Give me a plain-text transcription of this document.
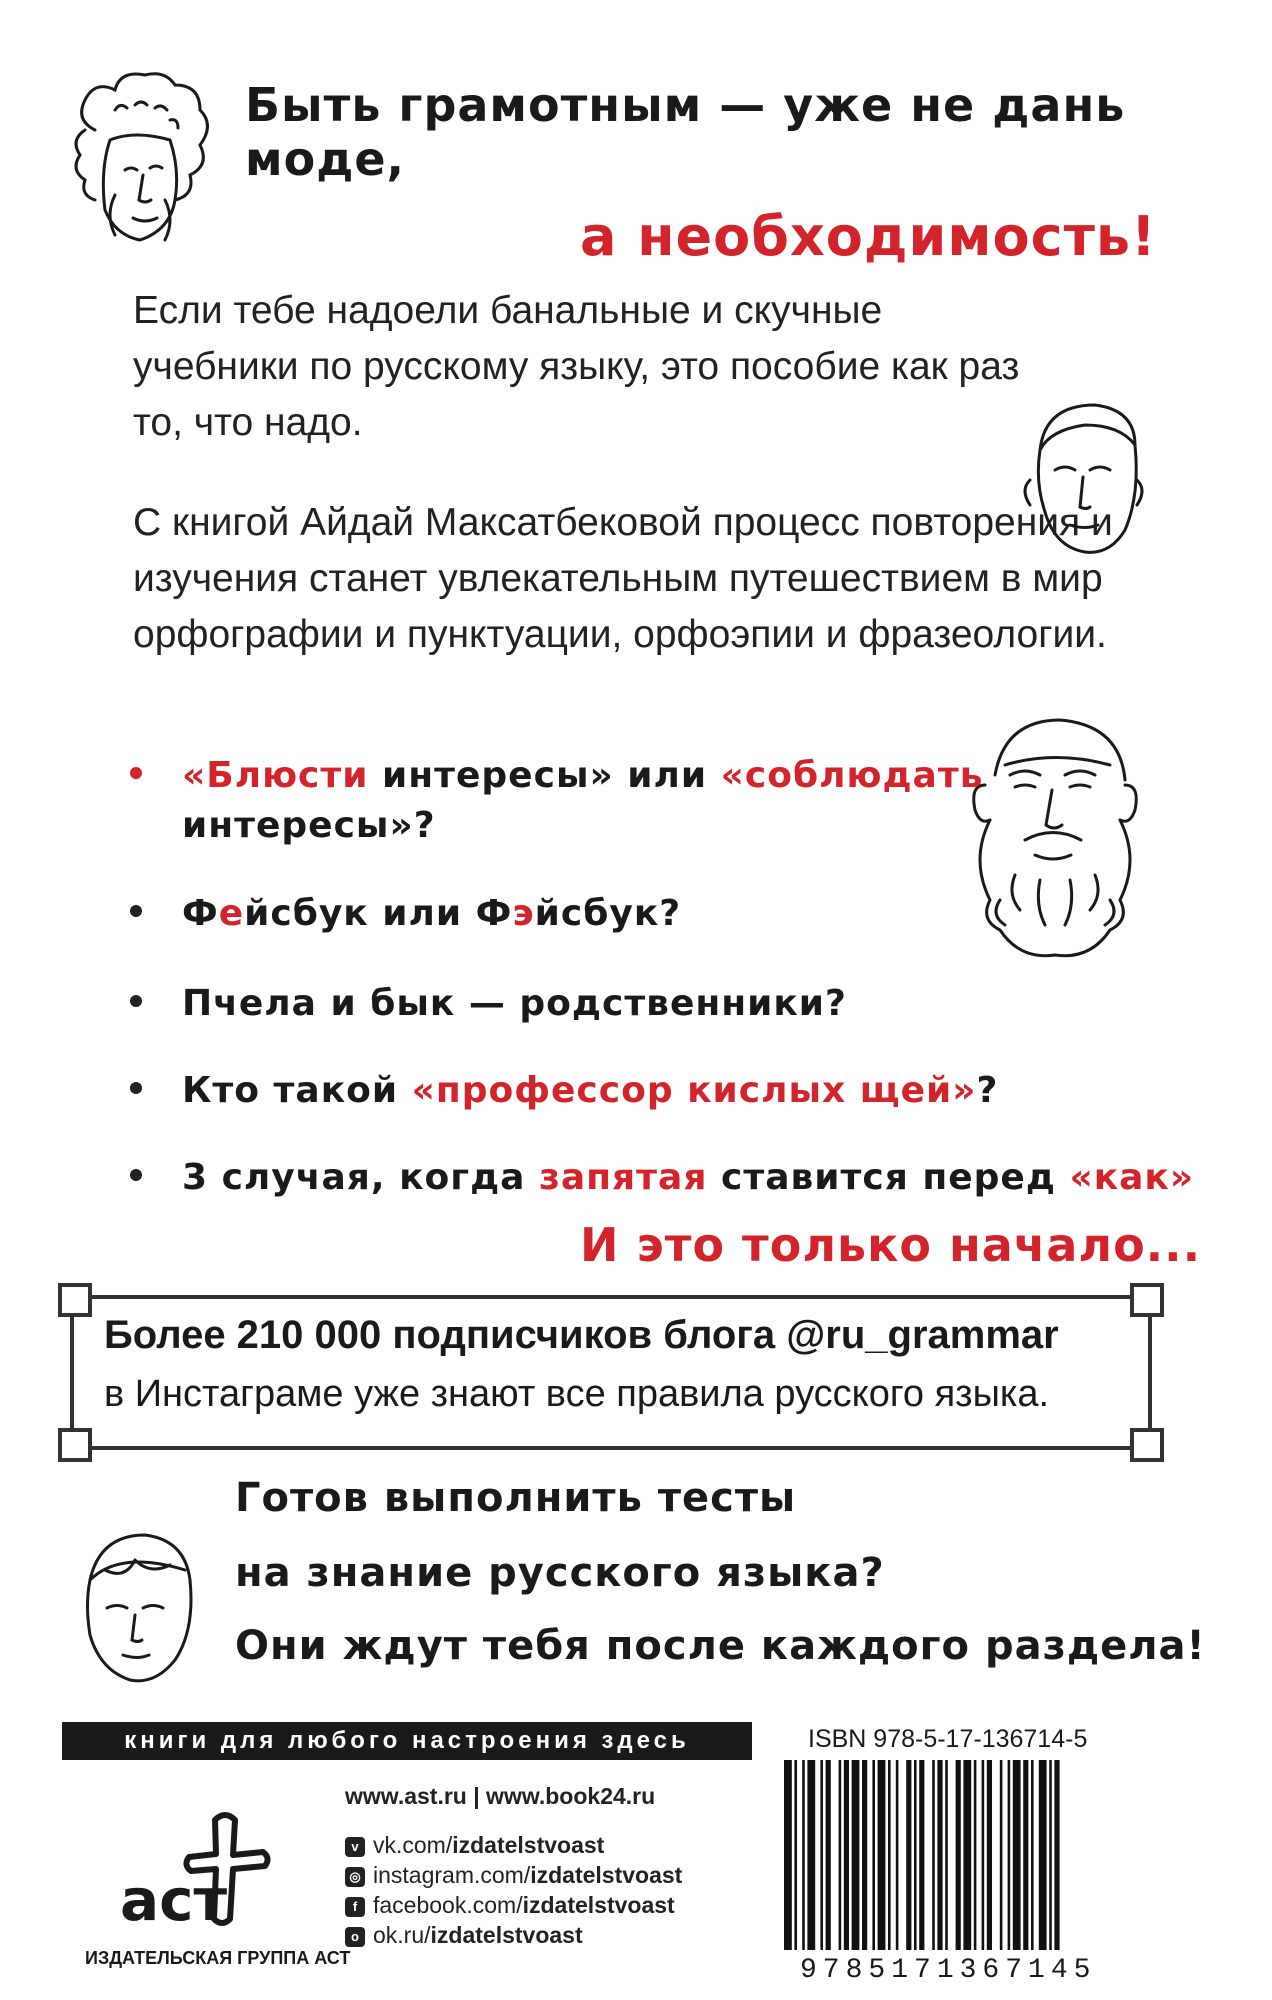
Быть грамотным — уже не дань моде,
а необходимость!
Если тебе надоели банальные и скучные учебники по русскому языку, это пособие как раз то, что надо.
С книгой Айдай Максатбековой процесс повторения и изучения станет увлекательным путешествием в мир орфографии и пунктуации, орфоэпии и фразеологии.
«Блюсти интересы» или «соблюдать
интересы»?
Фейсбук или Фэйсбук?
Пчела и бык — родственники?
Кто такой «профессор кислых щей»?
3 случая, когда запятая ставится перед «как»
И это только начало...
Более 210 000 подписчиков блога @ru_grammar
в Инстаграме уже знают все правила русского языка.
Готов выполнить тесты
на знание русского языка?
Они ждут тебя после каждого раздела!
книги для любого настроения здесь
аст
ИЗДАТЕЛЬСКАЯ ГРУППА АСТ
www.ast.ru | www.book24.ru
v vk.com/izdatelstvoast
◎ instagram.com/izdatelstvoast
f facebook.com/izdatelstvoast
o ok.ru/izdatelstvoast
ISBN 978-5-17-136714-5
9785171367145
